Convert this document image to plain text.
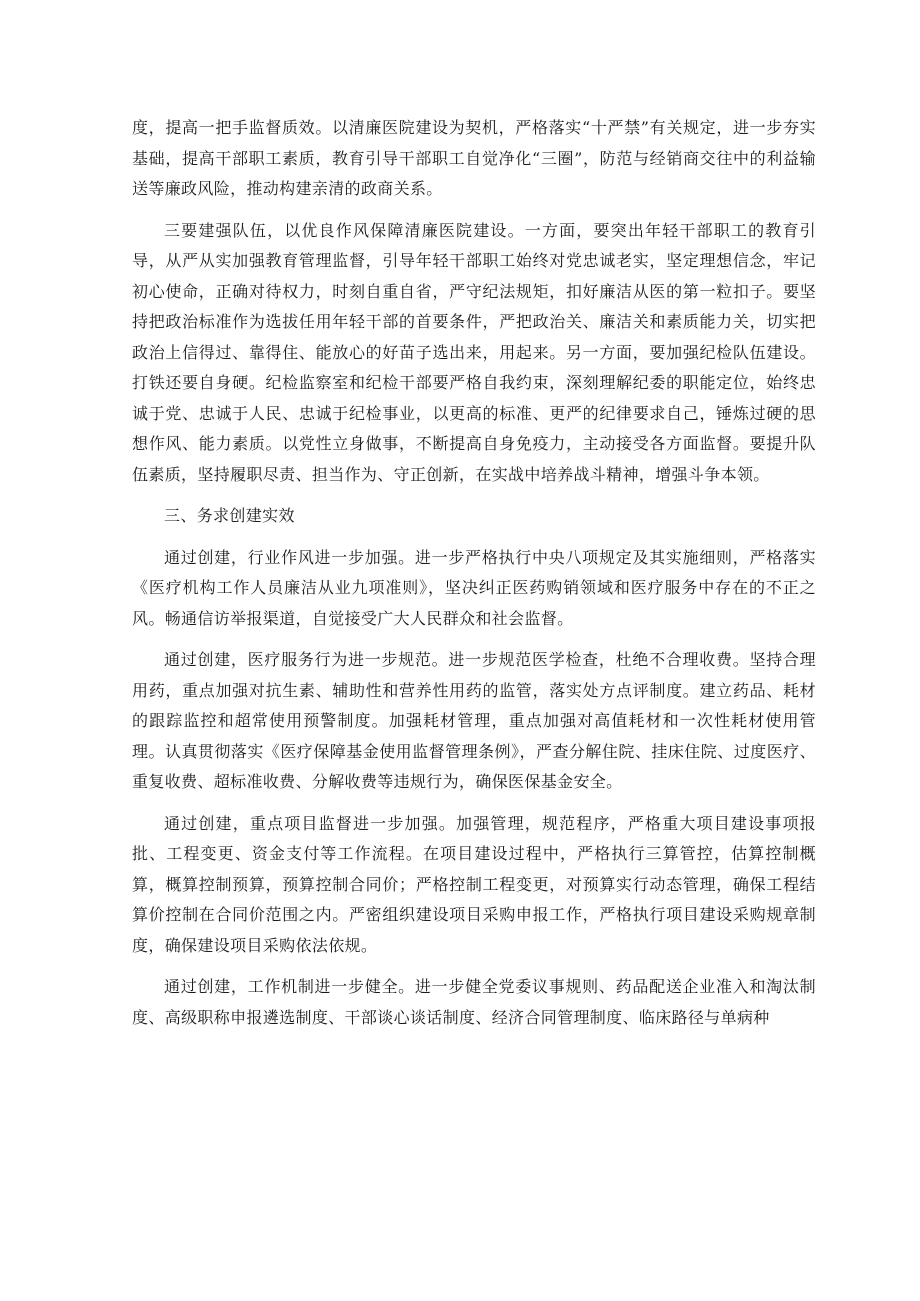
度，提高一把手监督质效。以清廉医院建设为契机，严格落实“十严禁”有关规定，进一步夯实基础，提高干部职工素质，教育引导干部职工自觉净化“三圈”，防范与经销商交往中的利益输送等廉政风险，推动构建亲清的政商关系。

三要建强队伍，以优良作风保障清廉医院建设。一方面，要突出年轻干部职工的教育引导，从严从实加强教育管理监督，引导年轻干部职工始终对党忠诚老实，坚定理想信念，牢记初心使命，正确对待权力，时刻自重自省，严守纪法规矩，扣好廉洁从医的第一粒扣子。要坚持把政治标准作为选拔任用年轻干部的首要条件，严把政治关、廉洁关和素质能力关，切实把政治上信得过、靠得住、能放心的好苗子选出来，用起来。另一方面，要加强纪检队伍建设。打铁还要自身硬。纪检监察室和纪检干部要严格自我约束，深刻理解纪委的职能定位，始终忠诚于党、忠诚于人民、忠诚于纪检事业，以更高的标准、更严的纪律要求自己，锤炼过硬的思想作风、能力素质。以党性立身做事，不断提高自身免疫力，主动接受各方面监督。要提升队伍素质，坚持履职尽责、担当作为、守正创新，在实战中培养战斗精神，增强斗争本领。

三、务求创建实效

通过创建，行业作风进一步加强。进一步严格执行中央八项规定及其实施细则，严格落实《医疗机构工作人员廉洁从业九项准则》，坚决纠正医药购销领域和医疗服务中存在的不正之风。畅通信访举报渠道，自觉接受广大人民群众和社会监督。

通过创建，医疗服务行为进一步规范。进一步规范医学检查，杜绝不合理收费。坚持合理用药，重点加强对抗生素、辅助性和营养性用药的监管，落实处方点评制度。建立药品、耗材的跟踪监控和超常使用预警制度。加强耗材管理，重点加强对高值耗材和一次性耗材使用管理。认真贯彻落实《医疗保障基金使用监督管理条例》，严查分解住院、挂床住院、过度医疗、重复收费、超标准收费、分解收费等违规行为，确保医保基金安全。

通过创建，重点项目监督进一步加强。加强管理，规范程序，严格重大项目建设事项报批、工程变更、资金支付等工作流程。在项目建设过程中，严格执行三算管控，估算控制概算，概算控制预算，预算控制合同价；严格控制工程变更，对预算实行动态管理，确保工程结算价控制在合同价范围之内。严密组织建设项目采购申报工作，严格执行项目建设采购规章制度，确保建设项目采购依法依规。

通过创建，工作机制进一步健全。进一步健全党委议事规则、药品配送企业准入和淘汰制度、高级职称申报遴选制度、干部谈心谈话制度、经济合同管理制度、临床路径与单病种
